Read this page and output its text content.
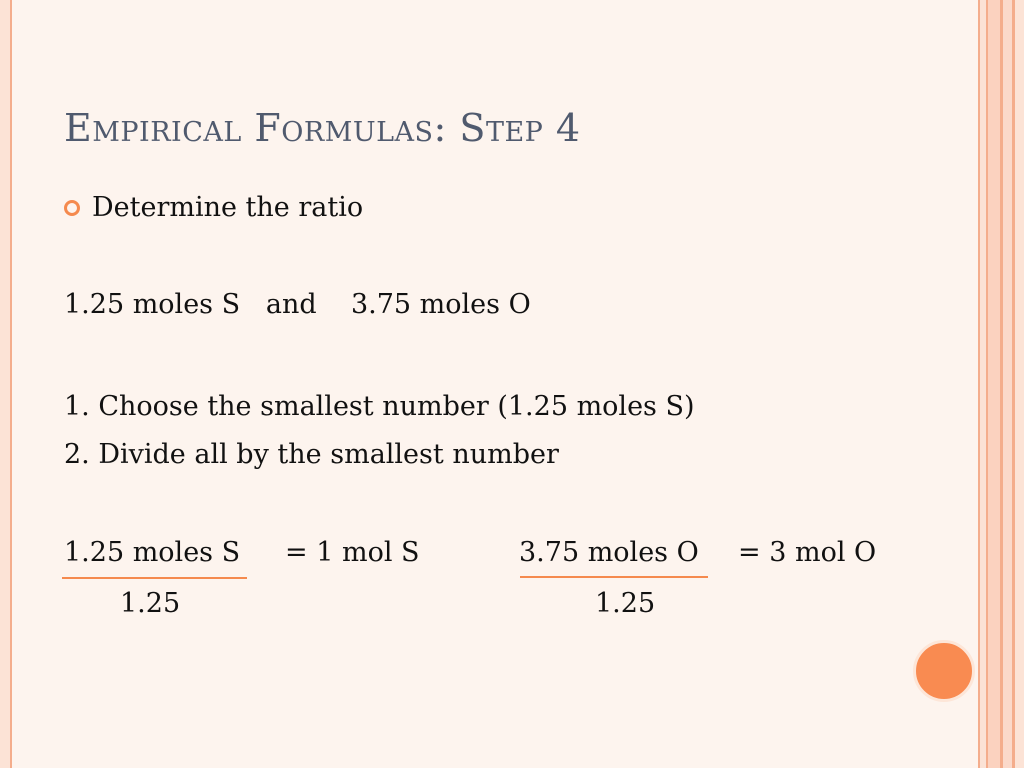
Empirical Formulas: Step 4
Determine the ratio
1.25 moles S   and    3.75 moles O
1. Choose the smallest number (1.25 moles S)
2. Divide all by the smallest number
1.25 moles S
1.25
= 1 mol S	3.75 moles O
1.25
= 3 mol O
